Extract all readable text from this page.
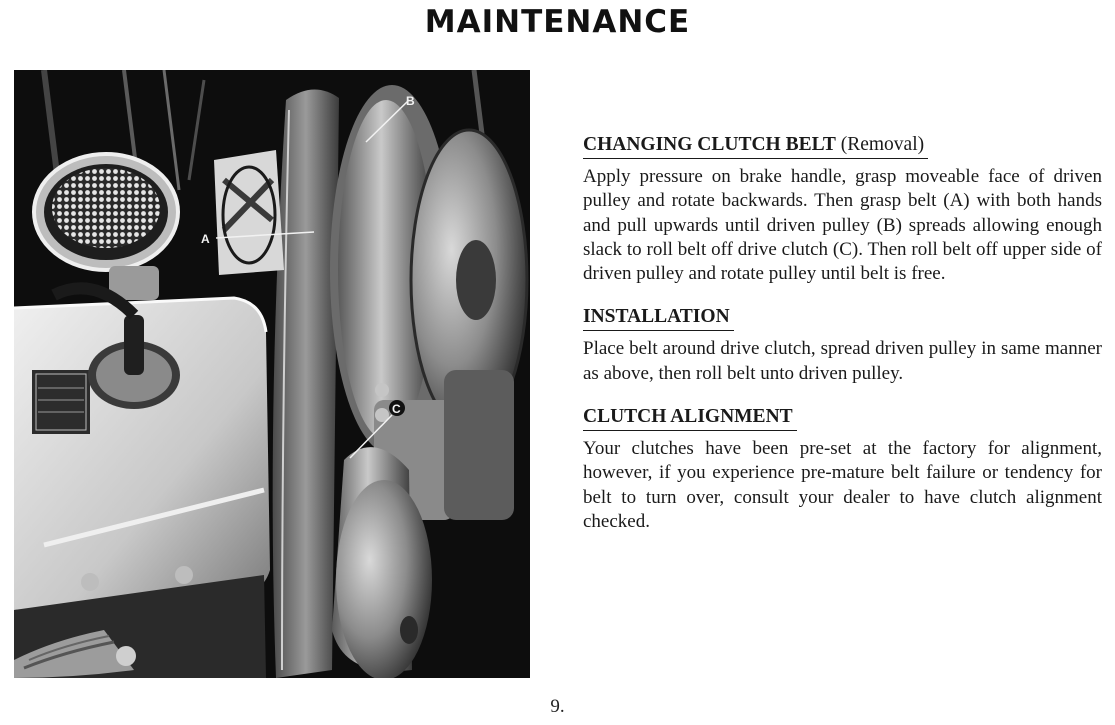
MAINTENANCE
B
A
C
CHANGING CLUTCH BELT (Removal)

Apply pressure on brake handle, grasp moveable face of driven pulley and rotate backwards. Then grasp belt (A) with both hands and pull upwards until driven pulley (B) spreads allowing enough slack to roll belt off drive clutch (C). Then roll belt off upper side of driven pulley and rotate pulley until belt is free.

INSTALLATION

Place belt around drive clutch, spread driven pulley in same manner as above, then roll belt unto driven pulley.

CLUTCH ALIGNMENT

Your clutches have been pre-set at the factory for alignment, however, if you experience pre-mature belt failure or tendency for belt to turn over, consult your dealer to have clutch alignment checked.

9.
